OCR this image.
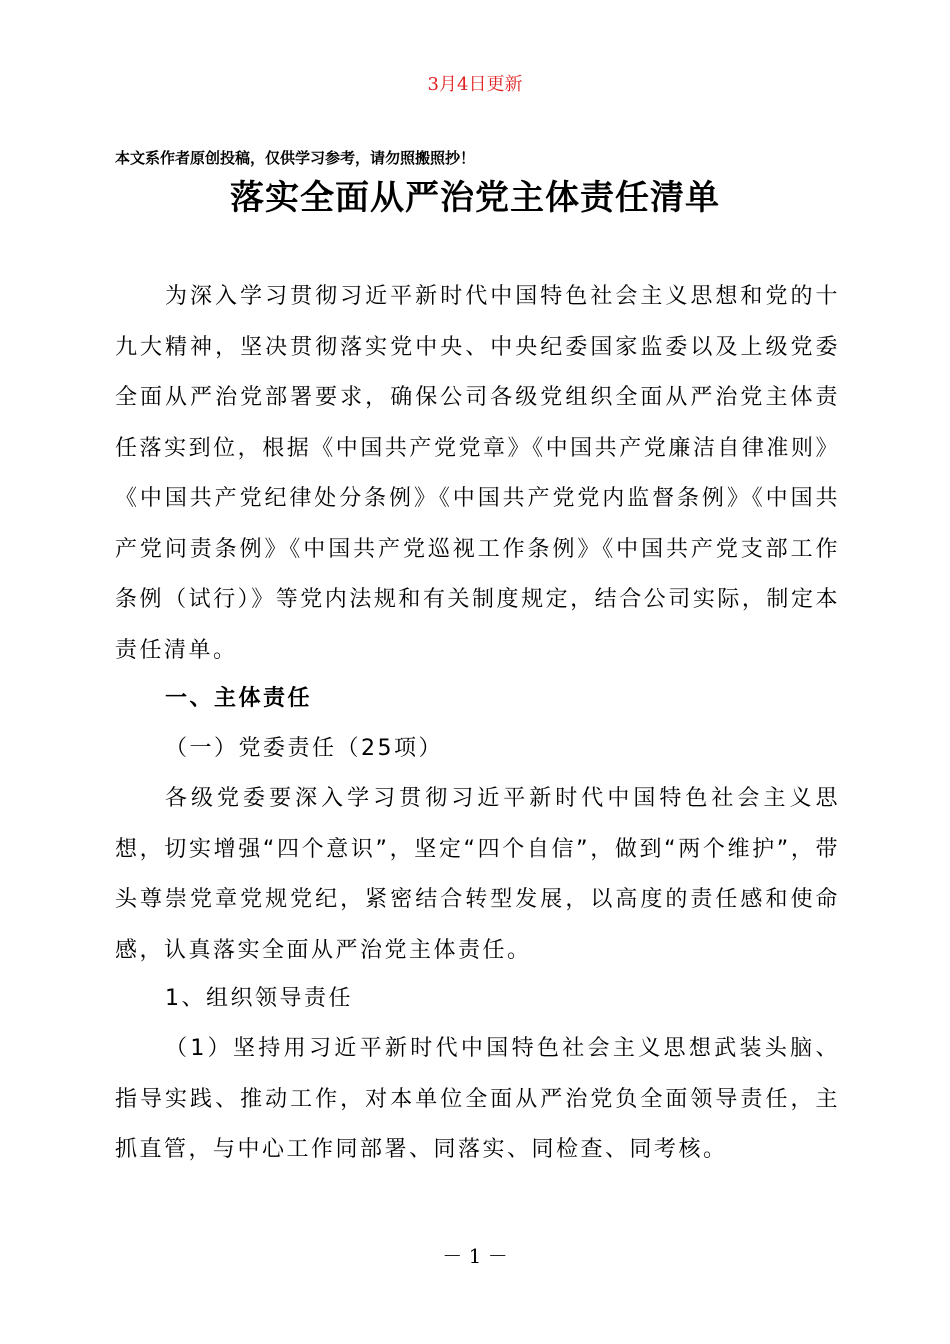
3月4日更新
本文系作者原创投稿，仅供学习参考，请勿照搬照抄！
落实全面从严治党主体责任清单
为深入学习贯彻习近平新时代中国特色社会主义思想和党的十九大精神，坚决贯彻落实党中央、中央纪委国家监委以及上级党委全面从严治党部署要求，确保公司各级党组织全面从严治党主体责任落实到位，根据《中国共产党党章》《中国共产党廉洁自律准则》《中国共产党纪律处分条例》《中国共产党党内监督条例》《中国共产党问责条例》《中国共产党巡视工作条例》《中国共产党支部工作条例（试行）》等党内法规和有关制度规定，结合公司实际，制定本责任清单。
一、主体责任
（一）党委责任（25项）
各级党委要深入学习贯彻习近平新时代中国特色社会主义思想，切实增强“四个意识”，坚定“四个自信”，做到“两个维护”，带头尊崇党章党规党纪，紧密结合转型发展，以高度的责任感和使命感，认真落实全面从严治党主体责任。
1、组织领导责任
（1）坚持用习近平新时代中国特色社会主义思想武装头脑、指导实践、推动工作，对本单位全面从严治党负全面领导责任，主抓直管，与中心工作同部署、同落实、同检查、同考核。
－ 1 －
